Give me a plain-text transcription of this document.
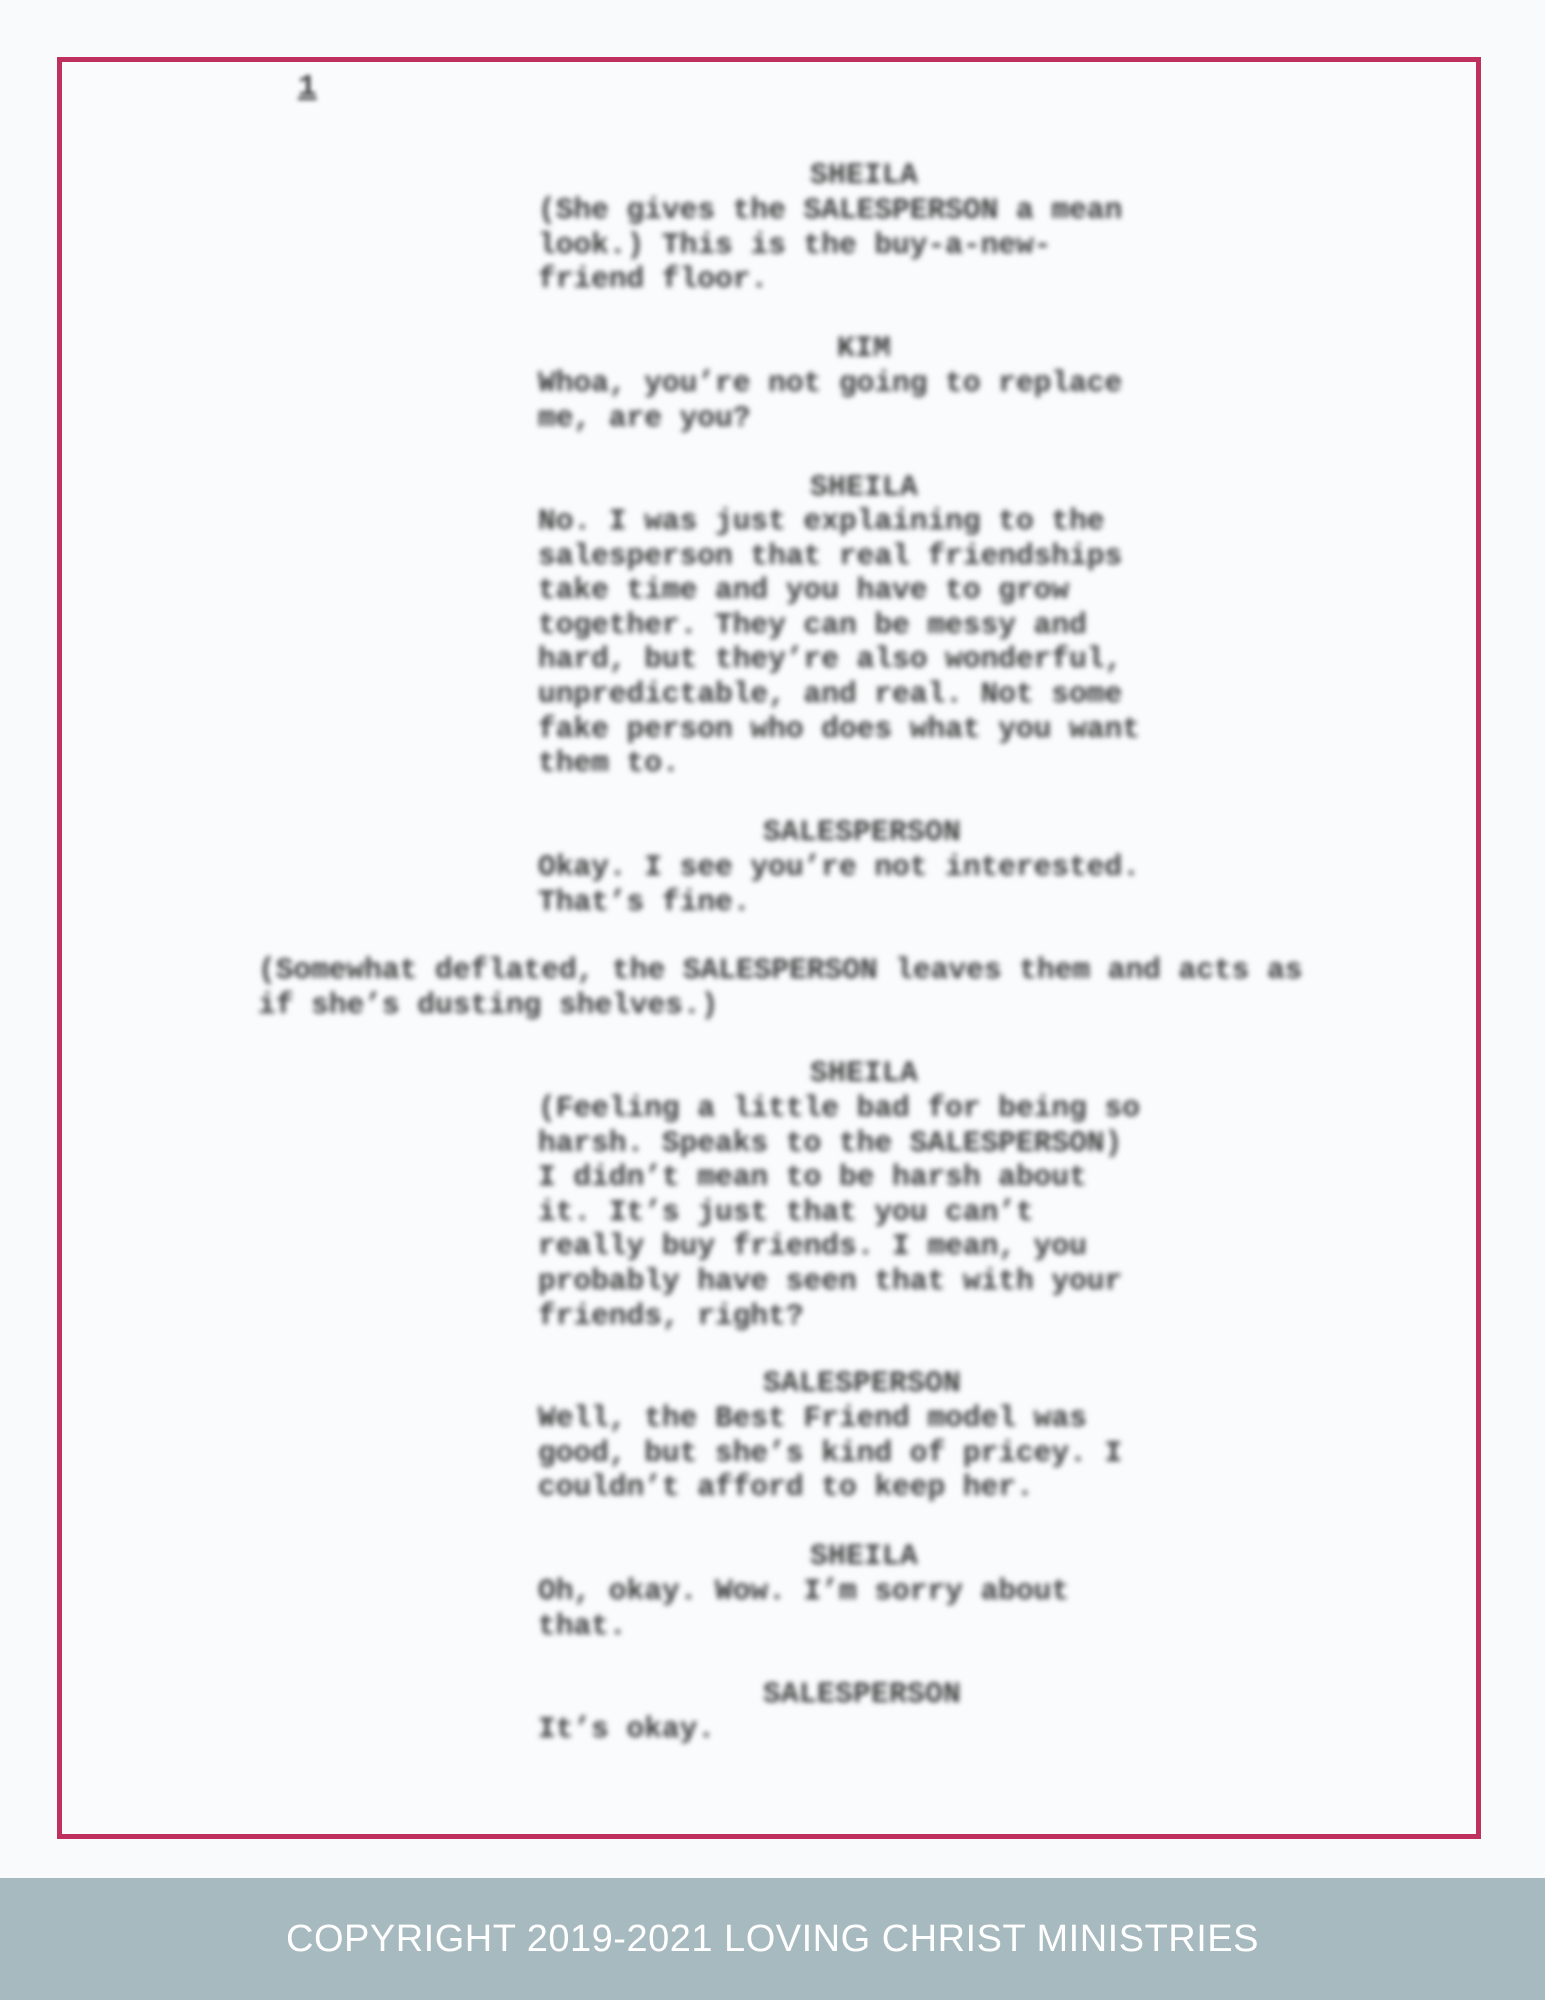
1
SHEILA
(She gives the SALESPERSON a mean
look.) This is the buy-a-new-
friend floor.
KIM
Whoa, you’re not going to replace
me, are you?
SHEILA
No. I was just explaining to the
salesperson that real friendships
take time and you have to grow
together. They can be messy and
hard, but they’re also wonderful,
unpredictable, and real. Not some
fake person who does what you want
them to.
SALESPERSON
Okay. I see you’re not interested.
That’s fine.
(Somewhat deflated, the SALESPERSON leaves them and acts as
if she’s dusting shelves.)
SHEILA
(Feeling a little bad for being so
harsh. Speaks to the SALESPERSON)
I didn’t mean to be harsh about
it. It’s just that you can’t
really buy friends. I mean, you
probably have seen that with your
friends, right?
SALESPERSON
Well, the Best Friend model was
good, but she’s kind of pricey. I
couldn’t afford to keep her.
SHEILA
Oh, okay. Wow. I’m sorry about
that.
SALESPERSON
It’s okay.
COPYRIGHT 2019-2021 LOVING CHRIST MINISTRIES
